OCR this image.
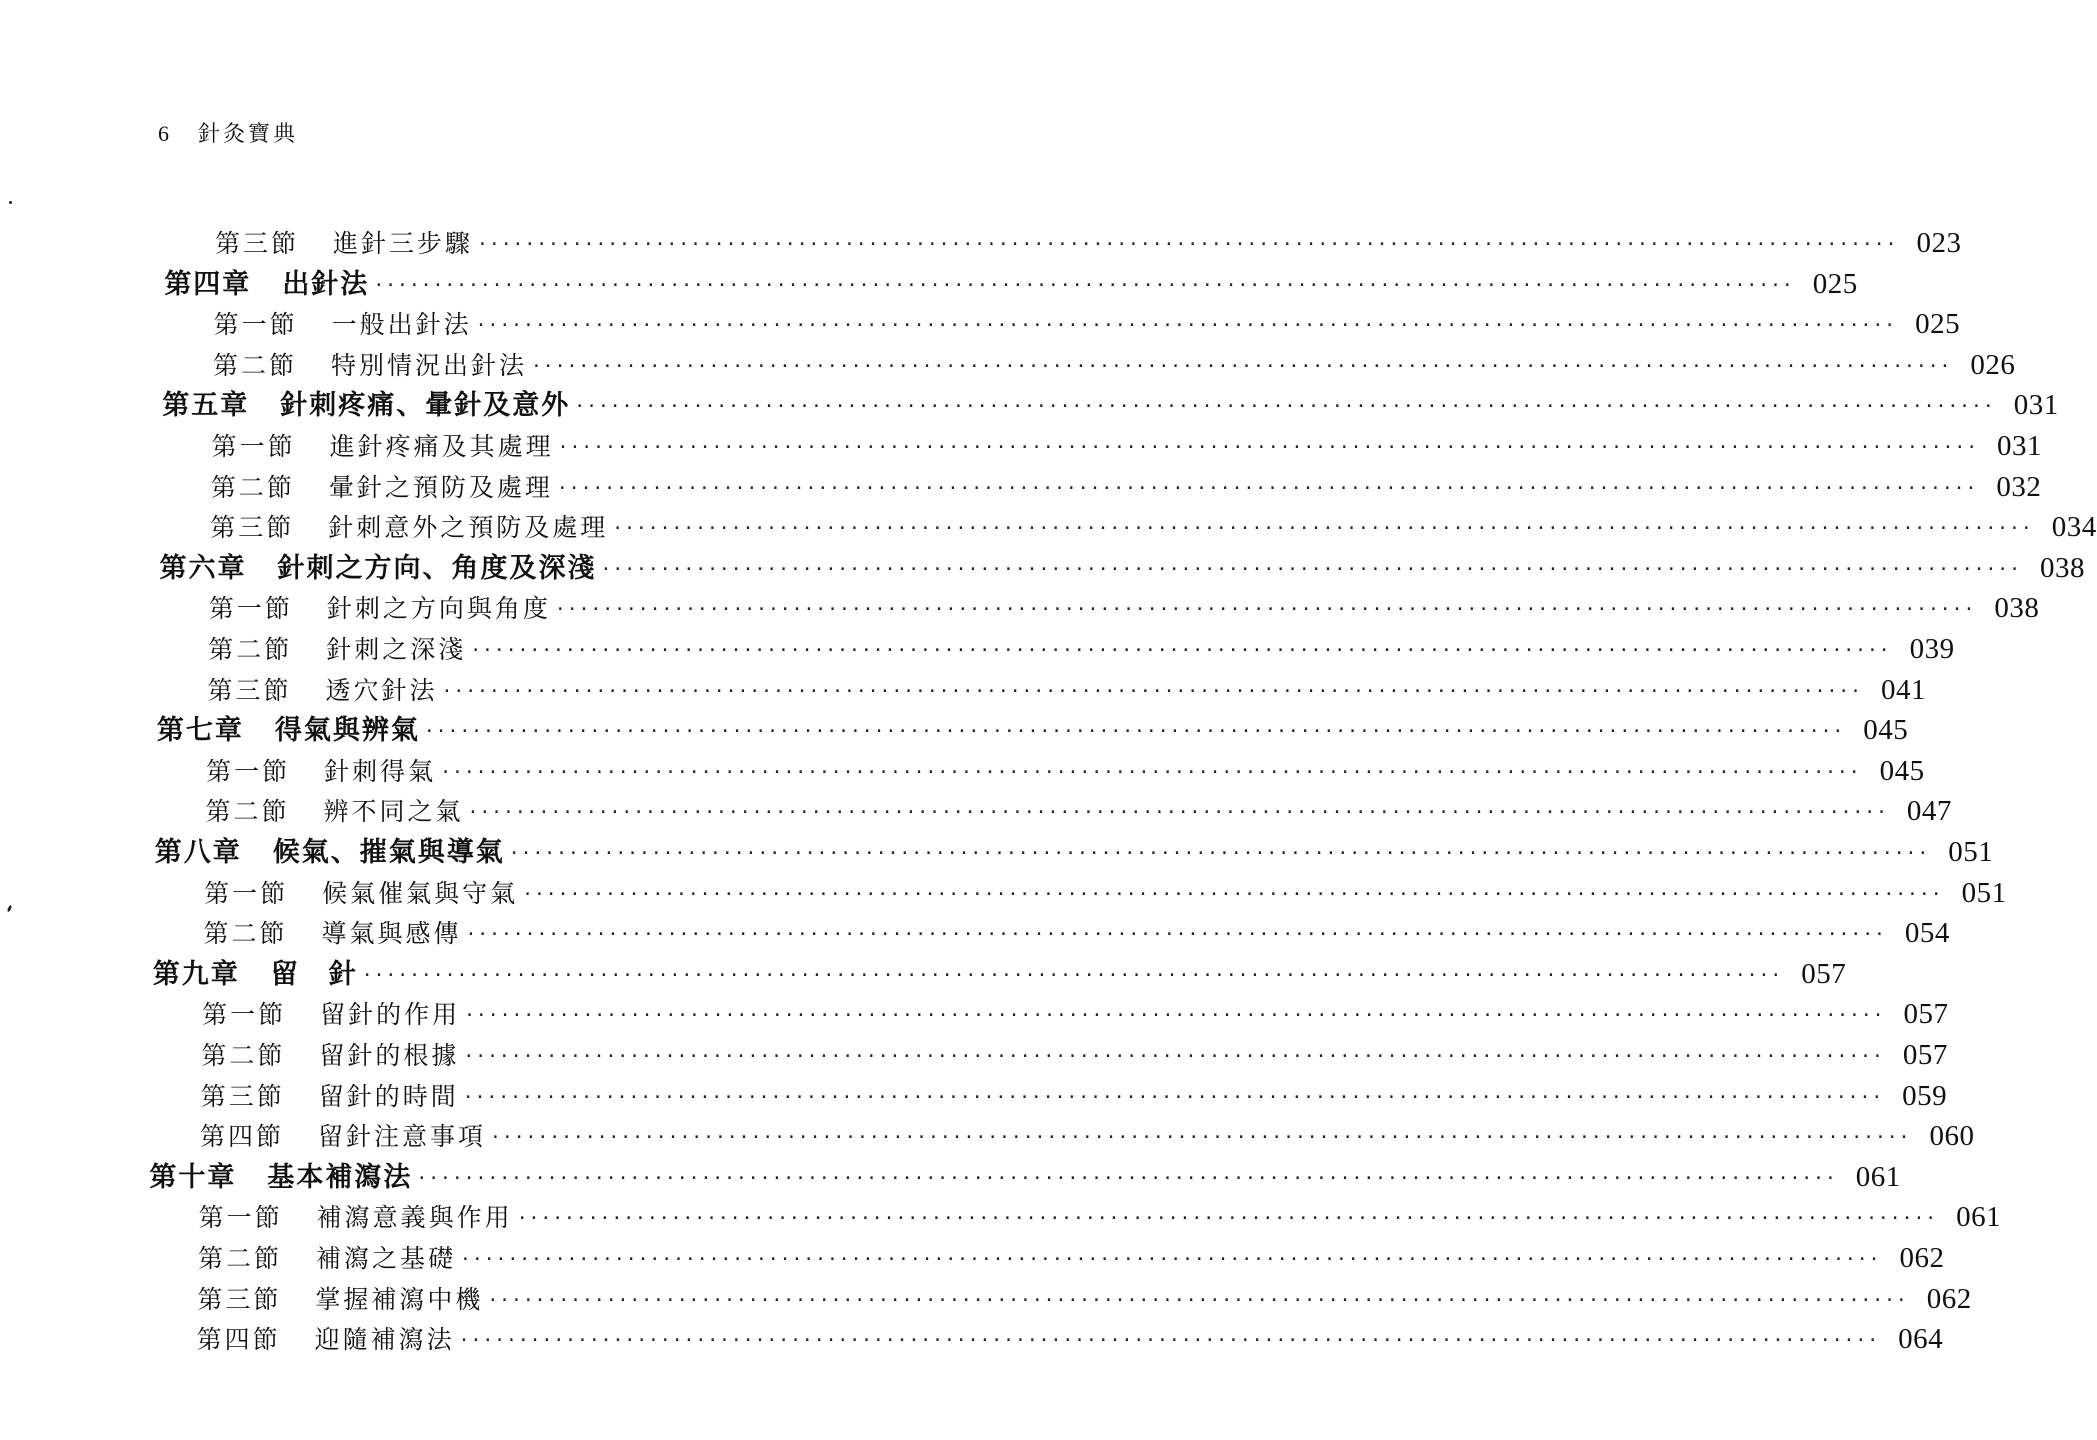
6 針灸寶典
第三節	進針三步驟 ························································································································ 023
第四章	出針法 ························································································································ 025
第一節	一般出針法 ························································································································ 025
第二節	特別情況出針法 ························································································································ 026
第五章	針刺疼痛、暈針及意外 ························································································································ 031
第一節	進針疼痛及其處理 ························································································································ 031
第二節	暈針之預防及處理 ························································································································ 032
第三節	針刺意外之預防及處理 ························································································································ 034
第六章	針刺之方向、角度及深淺 ························································································································ 038
第一節	針刺之方向與角度 ························································································································ 038
第二節	針刺之深淺 ························································································································ 039
第三節	透穴針法 ························································································································ 041
第七章	得氣與辨氣 ························································································································ 045
第一節	針刺得氣 ························································································································ 045
第二節	辨不同之氣 ························································································································ 047
第八章	候氣、摧氣與導氣 ························································································································ 051
第一節	候氣催氣與守氣 ························································································································ 051
第二節	導氣與感傳 ························································································································ 054
第九章	留　針 ························································································································ 057
第一節	留針的作用 ························································································································ 057
第二節	留針的根據 ························································································································ 057
第三節	留針的時間 ························································································································ 059
第四節	留針注意事項 ························································································································ 060
第十章	基本補瀉法 ························································································································ 061
第一節	補瀉意義與作用 ························································································································ 061
第二節	補瀉之基礎 ························································································································ 062
第三節	掌握補瀉中機 ························································································································ 062
第四節	迎隨補瀉法 ························································································································ 064
